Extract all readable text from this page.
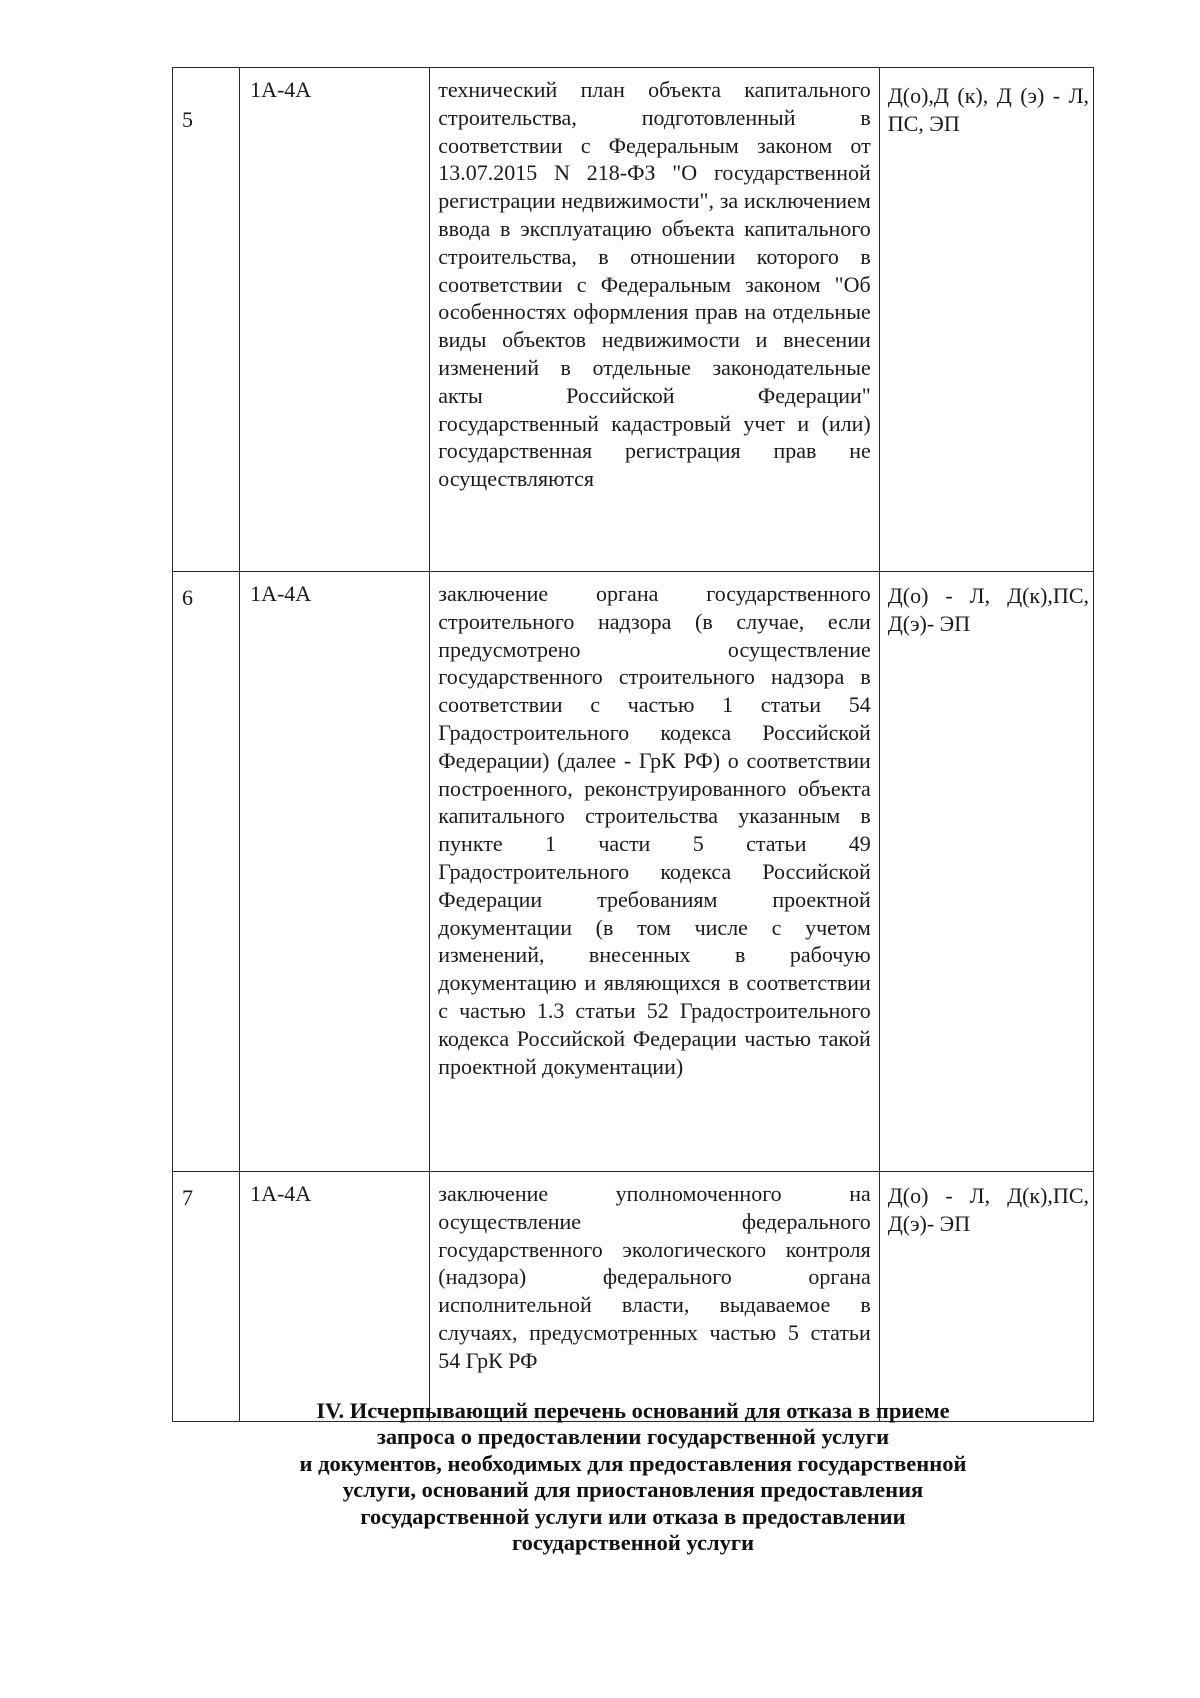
5	1А-4А	технический план объекта капитального строительства, подготовленный в соответствии с Федеральным законом от 13.07.2015 N 218-ФЗ "О государственной регистрации недвижимости", за исключением ввода в эксплуатацию объекта капитального строительства, в отношении которого в соответствии с Федеральным законом "Об особенностях оформления прав на отдельные виды объектов недвижимости и внесении изменений в отдельные законодательные акты Российской Федерации" государственный кадастровый учет и (или) государственная регистрация прав не осуществляются	Д(о),Д (к), Д (э) - Л, ПС, ЭП
6	1А-4А	заключение органа государственного строительного надзора (в случае, если предусмотрено осуществление государственного строительного надзора в соответствии с частью 1 статьи 54 Градостроительного кодекса Российской Федерации) (далее - ГрК РФ) о соответствии построенного, реконструированного объекта капитального строительства указанным в пункте 1 части 5 статьи 49 Градостроительного кодекса Российской Федерации требованиям проектной документации (в том числе с учетом изменений, внесенных в рабочую документацию и являющихся в соответствии с частью 1.3 статьи 52 Градостроительного кодекса Российской Федерации частью такой проектной документации)	Д(о) - Л, Д(к),ПС, Д(э)- ЭП
7	1А-4А	заключение уполномоченного на осуществление федерального государственного экологического контроля (надзора) федерального органа исполнительной власти, выдаваемое в случаях, предусмотренных частью 5 статьи 54 ГрК РФ	Д(о) - Л, Д(к),ПС, Д(э)- ЭП
IV. Исчерпывающий перечень оснований для отказа в приеме
запроса о предоставлении государственной услуги
и документов, необходимых для предоставления государственной
услуги, оснований для приостановления предоставления
государственной услуги или отказа в предоставлении
государственной услуги
